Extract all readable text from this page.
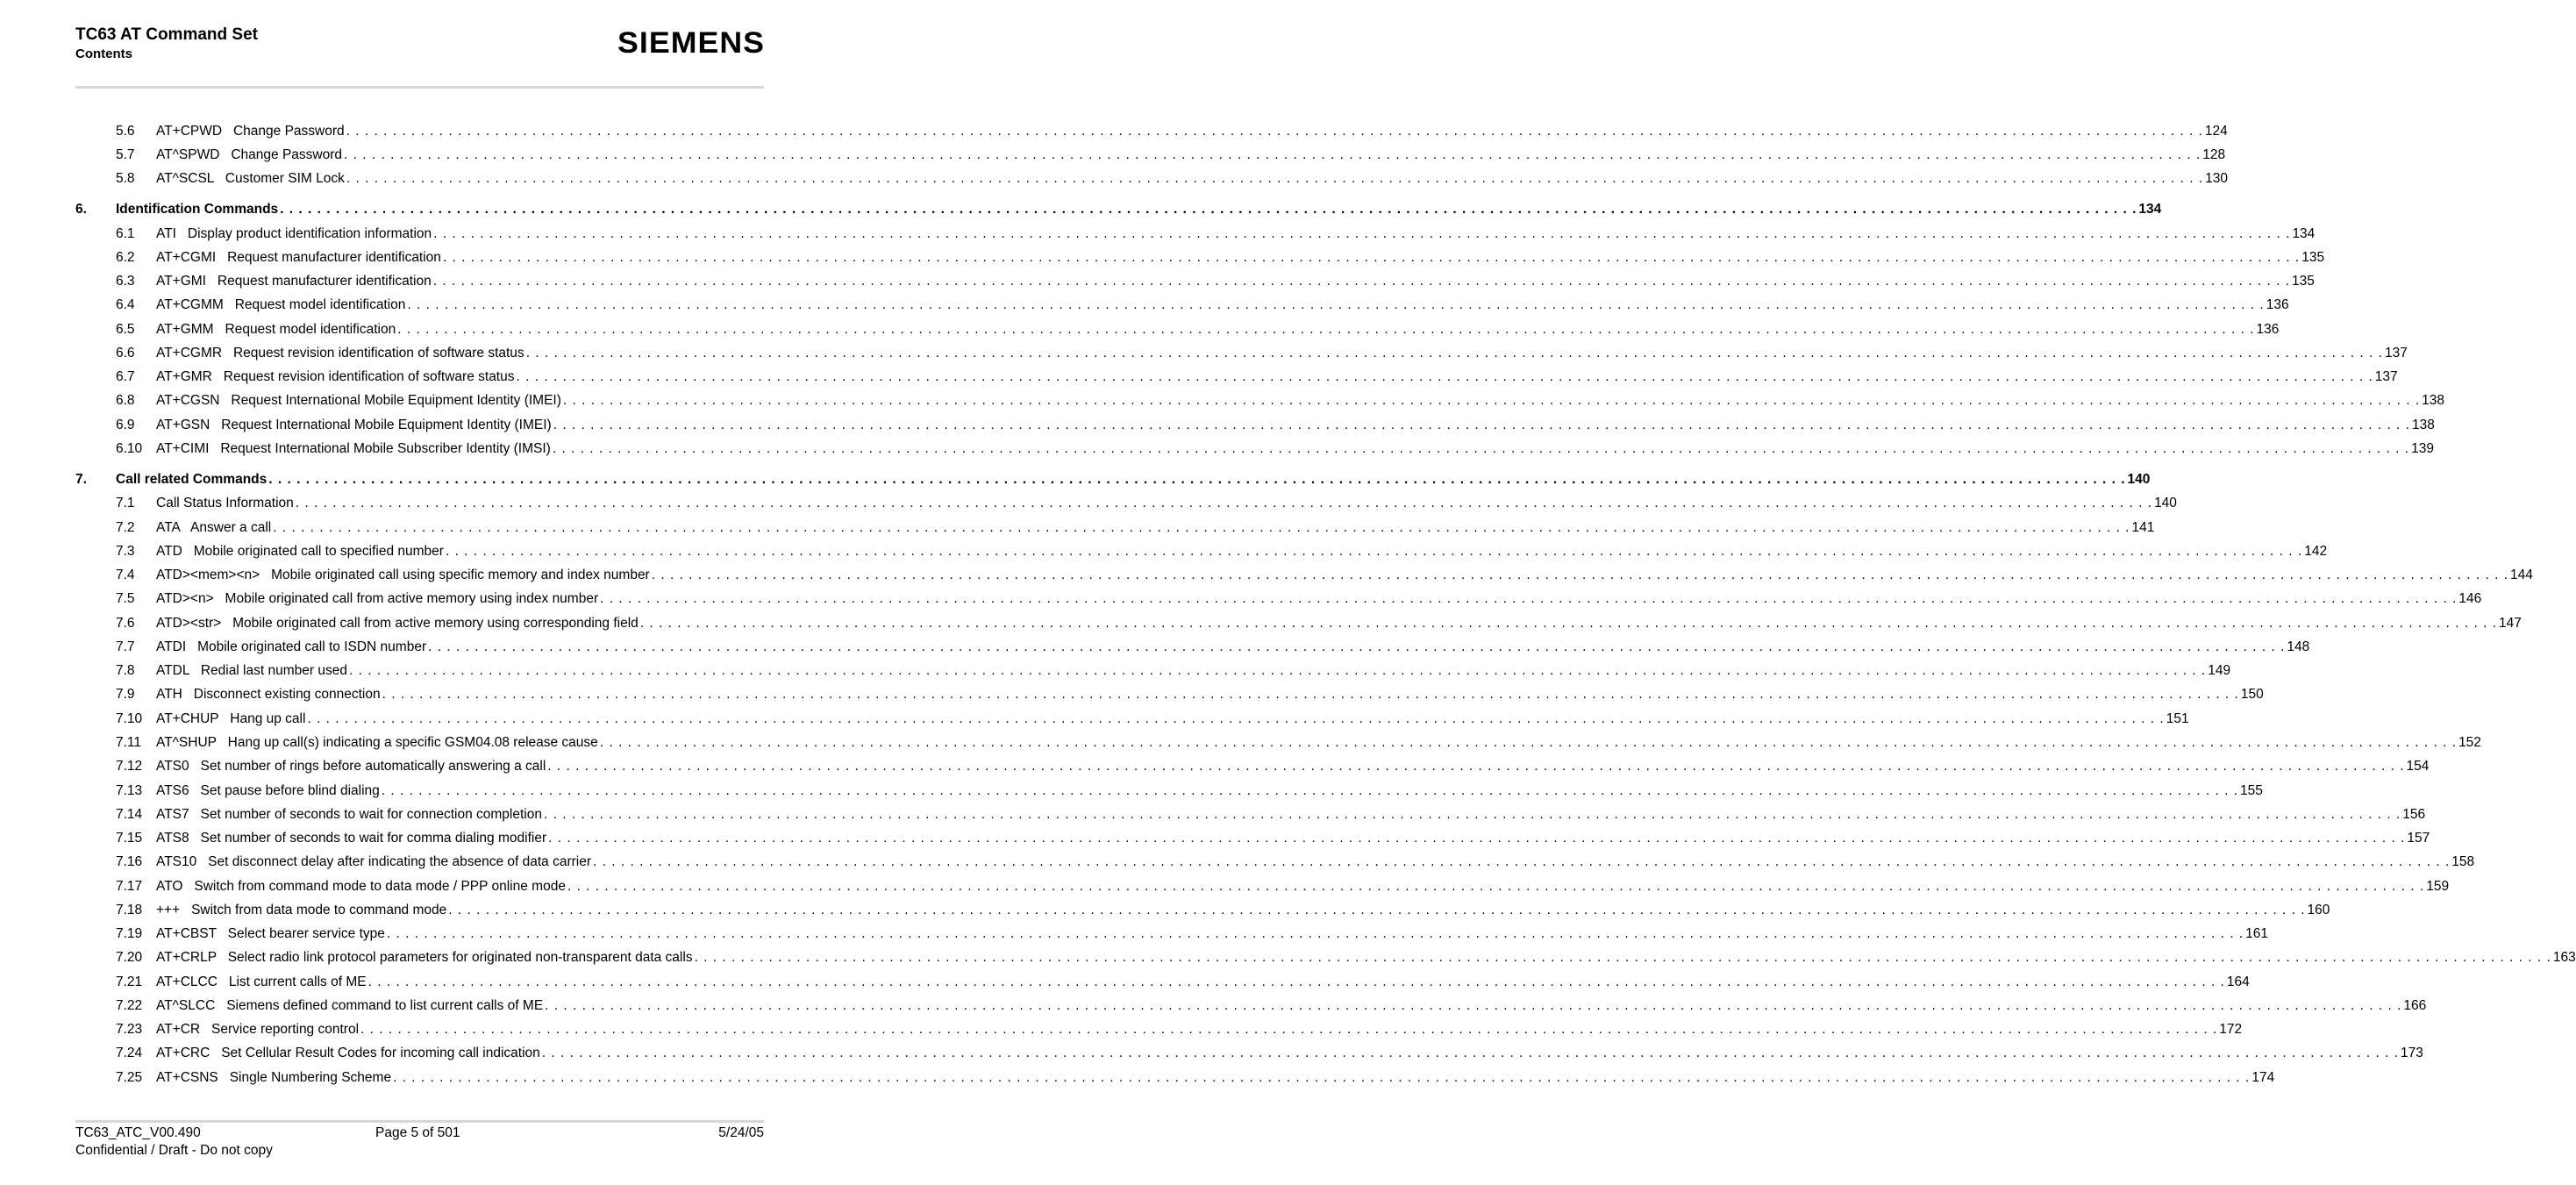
TC63 AT Command Set
Contents	SIEMENS
5.6 AT+CPWD   Change Password . . . . . . . . . . . . . . . . . . . . . . . . . . . . . . . . . . . . . . . . . . . . . . . . . . . . . . . . . . . . . . . . . . . . . . . . . . . . . . . . . . . . . . . . . . . . . . . . . . . . . . . . . . . . . . . . . . . . . . . . . . . . . . . . . . . . . . . . . . . . . . . . . . . . . . . . . . . . . . . . . . . . . . . . . . . . . . . . . . . . . . . . . . . . . . . . . . . . . . . . 124
5.7 AT^SPWD   Change Password . . . . . . . . . . . . . . . . . . . . . . . . . . . . . . . . . . . . . . . . . . . . . . . . . . . . . . . . . . . . . . . . . . . . . . . . . . . . . . . . . . . . . . . . . . . . . . . . . . . . . . . . . . . . . . . . . . . . . . . . . . . . . . . . . . . . . . . . . . . . . . . . . . . . . . . . . . . . . . . . . . . . . . . . . . . . . . . . . . . . . . . . . . . . . . . . . . . . . . . . 128
5.8 AT^SCSL   Customer SIM Lock . . . . . . . . . . . . . . . . . . . . . . . . . . . . . . . . . . . . . . . . . . . . . . . . . . . . . . . . . . . . . . . . . . . . . . . . . . . . . . . . . . . . . . . . . . . . . . . . . . . . . . . . . . . . . . . . . . . . . . . . . . . . . . . . . . . . . . . . . . . . . . . . . . . . . . . . . . . . . . . . . . . . . . . . . . . . . . . . . . . . . . . . . . . . . . . . . . . . . . . . 130
6. Identification Commands . . . . . . . . . . . . . . . . . . . . . . . . . . . . . . . . . . . . . . . . . . . . . . . . . . . . . . . . . . . . . . . . . . . . . . . . . . . . . . . . . . . . . . . . . . . . . . . . . . . . . . . . . . . . . . . . . . . . . . . . . . . . . . . . . . . . . . . . . . . . . . . . . . . . . . . . . . . . . . . . . . . . . . . . . . . . . . . . . . . . . . . . . . . . . . . . . . . . . . . . 134
6.1 ATI   Display product identification information . . . . . . . . . . . . . . . . . . . . . . . . . . . . . . . . . . . . . . . . . . . . . . . . . . . . . . . . . . . . . . . . . . . . . . . . . . . . . . . . . . . . . . . . . . . . . . . . . . . . . . . . . . . . . . . . . . . . . . . . . . . . . . . . . . . . . . . . . . . . . . . . . . . . . . . . . . . . . . . . . . . . . . . . . . . . . . . . . . . . . . . . . . . . . . . . . . . . . . . . 134
6.2 AT+CGMI   Request manufacturer identification . . . . . . . . . . . . . . . . . . . . . . . . . . . . . . . . . . . . . . . . . . . . . . . . . . . . . . . . . . . . . . . . . . . . . . . . . . . . . . . . . . . . . . . . . . . . . . . . . . . . . . . . . . . . . . . . . . . . . . . . . . . . . . . . . . . . . . . . . . . . . . . . . . . . . . . . . . . . . . . . . . . . . . . . . . . . . . . . . . . . . . . . . . . . . . . . . . . . . . . . 135
6.3 AT+GMI   Request manufacturer identification . . . . . . . . . . . . . . . . . . . . . . . . . . . . . . . . . . . . . . . . . . . . . . . . . . . . . . . . . . . . . . . . . . . . . . . . . . . . . . . . . . . . . . . . . . . . . . . . . . . . . . . . . . . . . . . . . . . . . . . . . . . . . . . . . . . . . . . . . . . . . . . . . . . . . . . . . . . . . . . . . . . . . . . . . . . . . . . . . . . . . . . . . . . . . . . . . . . . . . . . 135
6.4 AT+CGMM   Request model identification . . . . . . . . . . . . . . . . . . . . . . . . . . . . . . . . . . . . . . . . . . . . . . . . . . . . . . . . . . . . . . . . . . . . . . . . . . . . . . . . . . . . . . . . . . . . . . . . . . . . . . . . . . . . . . . . . . . . . . . . . . . . . . . . . . . . . . . . . . . . . . . . . . . . . . . . . . . . . . . . . . . . . . . . . . . . . . . . . . . . . . . . . . . . . . . . . . . . . . . . 136
6.5 AT+GMM   Request model identification . . . . . . . . . . . . . . . . . . . . . . . . . . . . . . . . . . . . . . . . . . . . . . . . . . . . . . . . . . . . . . . . . . . . . . . . . . . . . . . . . . . . . . . . . . . . . . . . . . . . . . . . . . . . . . . . . . . . . . . . . . . . . . . . . . . . . . . . . . . . . . . . . . . . . . . . . . . . . . . . . . . . . . . . . . . . . . . . . . . . . . . . . . . . . . . . . . . . . . . . 136
6.6 AT+CGMR   Request revision identification of software status . . . . . . . . . . . . . . . . . . . . . . . . . . . . . . . . . . . . . . . . . . . . . . . . . . . . . . . . . . . . . . . . . . . . . . . . . . . . . . . . . . . . . . . . . . . . . . . . . . . . . . . . . . . . . . . . . . . . . . . . . . . . . . . . . . . . . . . . . . . . . . . . . . . . . . . . . . . . . . . . . . . . . . . . . . . . . . . . . . . . . . . . . . . . . . . . . . . . . . . . 137
6.7 AT+GMR   Request revision identification of software status . . . . . . . . . . . . . . . . . . . . . . . . . . . . . . . . . . . . . . . . . . . . . . . . . . . . . . . . . . . . . . . . . . . . . . . . . . . . . . . . . . . . . . . . . . . . . . . . . . . . . . . . . . . . . . . . . . . . . . . . . . . . . . . . . . . . . . . . . . . . . . . . . . . . . . . . . . . . . . . . . . . . . . . . . . . . . . . . . . . . . . . . . . . . . . . . . . . . . . . . 137
6.8 AT+CGSN   Request International Mobile Equipment Identity (IMEI) . . . . . . . . . . . . . . . . . . . . . . . . . . . . . . . . . . . . . . . . . . . . . . . . . . . . . . . . . . . . . . . . . . . . . . . . . . . . . . . . . . . . . . . . . . . . . . . . . . . . . . . . . . . . . . . . . . . . . . . . . . . . . . . . . . . . . . . . . . . . . . . . . . . . . . . . . . . . . . . . . . . . . . . . . . . . . . . . . . . . . . . . . . . . . . . . . . . . . . . . 138
6.9 AT+GSN   Request International Mobile Equipment Identity (IMEI) . . . . . . . . . . . . . . . . . . . . . . . . . . . . . . . . . . . . . . . . . . . . . . . . . . . . . . . . . . . . . . . . . . . . . . . . . . . . . . . . . . . . . . . . . . . . . . . . . . . . . . . . . . . . . . . . . . . . . . . . . . . . . . . . . . . . . . . . . . . . . . . . . . . . . . . . . . . . . . . . . . . . . . . . . . . . . . . . . . . . . . . . . . . . . . . . . . . . . . . . 138
6.10 AT+CIMI   Request International Mobile Subscriber Identity (IMSI) . . . . . . . . . . . . . . . . . . . . . . . . . . . . . . . . . . . . . . . . . . . . . . . . . . . . . . . . . . . . . . . . . . . . . . . . . . . . . . . . . . . . . . . . . . . . . . . . . . . . . . . . . . . . . . . . . . . . . . . . . . . . . . . . . . . . . . . . . . . . . . . . . . . . . . . . . . . . . . . . . . . . . . . . . . . . . . . . . . . . . . . . . . . . . . . . . . . . . . . . 139
7. Call related Commands . . . . . . . . . . . . . . . . . . . . . . . . . . . . . . . . . . . . . . . . . . . . . . . . . . . . . . . . . . . . . . . . . . . . . . . . . . . . . . . . . . . . . . . . . . . . . . . . . . . . . . . . . . . . . . . . . . . . . . . . . . . . . . . . . . . . . . . . . . . . . . . . . . . . . . . . . . . . . . . . . . . . . . . . . . . . . . . . . . . . . . . . . . . . . . . . . . . . . . . . 140
7.1 Call Status Information . . . . . . . . . . . . . . . . . . . . . . . . . . . . . . . . . . . . . . . . . . . . . . . . . . . . . . . . . . . . . . . . . . . . . . . . . . . . . . . . . . . . . . . . . . . . . . . . . . . . . . . . . . . . . . . . . . . . . . . . . . . . . . . . . . . . . . . . . . . . . . . . . . . . . . . . . . . . . . . . . . . . . . . . . . . . . . . . . . . . . . . . . . . . . . . . . . . . . . . . 140
7.2 ATA   Answer a call . . . . . . . . . . . . . . . . . . . . . . . . . . . . . . . . . . . . . . . . . . . . . . . . . . . . . . . . . . . . . . . . . . . . . . . . . . . . . . . . . . . . . . . . . . . . . . . . . . . . . . . . . . . . . . . . . . . . . . . . . . . . . . . . . . . . . . . . . . . . . . . . . . . . . . . . . . . . . . . . . . . . . . . . . . . . . . . . . . . . . . . . . . . . . . . . . . . . . . . . 141
7.3 ATD   Mobile originated call to specified number . . . . . . . . . . . . . . . . . . . . . . . . . . . . . . . . . . . . . . . . . . . . . . . . . . . . . . . . . . . . . . . . . . . . . . . . . . . . . . . . . . . . . . . . . . . . . . . . . . . . . . . . . . . . . . . . . . . . . . . . . . . . . . . . . . . . . . . . . . . . . . . . . . . . . . . . . . . . . . . . . . . . . . . . . . . . . . . . . . . . . . . . . . . . . . . . . . . . . . . . 142
7.4 ATD><mem><n>   Mobile originated call using specific memory and index number . . . . . . . . . . . . . . . . . . . . . . . . . . . . . . . . . . . . . . . . . . . . . . . . . . . . . . . . . . . . . . . . . . . . . . . . . . . . . . . . . . . . . . . . . . . . . . . . . . . . . . . . . . . . . . . . . . . . . . . . . . . . . . . . . . . . . . . . . . . . . . . . . . . . . . . . . . . . . . . . . . . . . . . . . . . . . . . . . . . . . . . . . . . . . . . . . . . . . . . . 144
7.5 ATD><n>   Mobile originated call from active memory using index number . . . . . . . . . . . . . . . . . . . . . . . . . . . . . . . . . . . . . . . . . . . . . . . . . . . . . . . . . . . . . . . . . . . . . . . . . . . . . . . . . . . . . . . . . . . . . . . . . . . . . . . . . . . . . . . . . . . . . . . . . . . . . . . . . . . . . . . . . . . . . . . . . . . . . . . . . . . . . . . . . . . . . . . . . . . . . . . . . . . . . . . . . . . . . . . . . . . . . . . . 146
7.6 ATD><str>   Mobile originated call from active memory using corresponding field . . . . . . . . . . . . . . . . . . . . . . . . . . . . . . . . . . . . . . . . . . . . . . . . . . . . . . . . . . . . . . . . . . . . . . . . . . . . . . . . . . . . . . . . . . . . . . . . . . . . . . . . . . . . . . . . . . . . . . . . . . . . . . . . . . . . . . . . . . . . . . . . . . . . . . . . . . . . . . . . . . . . . . . . . . . . . . . . . . . . . . . . . . . . . . . . . . . . . . . . 147
7.7 ATDI   Mobile originated call to ISDN number . . . . . . . . . . . . . . . . . . . . . . . . . . . . . . . . . . . . . . . . . . . . . . . . . . . . . . . . . . . . . . . . . . . . . . . . . . . . . . . . . . . . . . . . . . . . . . . . . . . . . . . . . . . . . . . . . . . . . . . . . . . . . . . . . . . . . . . . . . . . . . . . . . . . . . . . . . . . . . . . . . . . . . . . . . . . . . . . . . . . . . . . . . . . . . . . . . . . . . . . 148
7.8 ATDL   Redial last number used . . . . . . . . . . . . . . . . . . . . . . . . . . . . . . . . . . . . . . . . . . . . . . . . . . . . . . . . . . . . . . . . . . . . . . . . . . . . . . . . . . . . . . . . . . . . . . . . . . . . . . . . . . . . . . . . . . . . . . . . . . . . . . . . . . . . . . . . . . . . . . . . . . . . . . . . . . . . . . . . . . . . . . . . . . . . . . . . . . . . . . . . . . . . . . . . . . . . . . . . 149
7.9 ATH   Disconnect existing connection . . . . . . . . . . . . . . . . . . . . . . . . . . . . . . . . . . . . . . . . . . . . . . . . . . . . . . . . . . . . . . . . . . . . . . . . . . . . . . . . . . . . . . . . . . . . . . . . . . . . . . . . . . . . . . . . . . . . . . . . . . . . . . . . . . . . . . . . . . . . . . . . . . . . . . . . . . . . . . . . . . . . . . . . . . . . . . . . . . . . . . . . . . . . . . . . . . . . . . . . 150
7.10 AT+CHUP   Hang up call . . . . . . . . . . . . . . . . . . . . . . . . . . . . . . . . . . . . . . . . . . . . . . . . . . . . . . . . . . . . . . . . . . . . . . . . . . . . . . . . . . . . . . . . . . . . . . . . . . . . . . . . . . . . . . . . . . . . . . . . . . . . . . . . . . . . . . . . . . . . . . . . . . . . . . . . . . . . . . . . . . . . . . . . . . . . . . . . . . . . . . . . . . . . . . . . . . . . . . . . 151
7.11 AT^SHUP   Hang up call(s) indicating a specific GSM04.08 release cause . . . . . . . . . . . . . . . . . . . . . . . . . . . . . . . . . . . . . . . . . . . . . . . . . . . . . . . . . . . . . . . . . . . . . . . . . . . . . . . . . . . . . . . . . . . . . . . . . . . . . . . . . . . . . . . . . . . . . . . . . . . . . . . . . . . . . . . . . . . . . . . . . . . . . . . . . . . . . . . . . . . . . . . . . . . . . . . . . . . . . . . . . . . . . . . . . . . . . . . . 152
7.12 ATS0   Set number of rings before automatically answering a call . . . . . . . . . . . . . . . . . . . . . . . . . . . . . . . . . . . . . . . . . . . . . . . . . . . . . . . . . . . . . . . . . . . . . . . . . . . . . . . . . . . . . . . . . . . . . . . . . . . . . . . . . . . . . . . . . . . . . . . . . . . . . . . . . . . . . . . . . . . . . . . . . . . . . . . . . . . . . . . . . . . . . . . . . . . . . . . . . . . . . . . . . . . . . . . . . . . . . . . . 154
7.13 ATS6   Set pause before blind dialing . . . . . . . . . . . . . . . . . . . . . . . . . . . . . . . . . . . . . . . . . . . . . . . . . . . . . . . . . . . . . . . . . . . . . . . . . . . . . . . . . . . . . . . . . . . . . . . . . . . . . . . . . . . . . . . . . . . . . . . . . . . . . . . . . . . . . . . . . . . . . . . . . . . . . . . . . . . . . . . . . . . . . . . . . . . . . . . . . . . . . . . . . . . . . . . . . . . . . . . . 155
7.14 ATS7   Set number of seconds to wait for connection completion . . . . . . . . . . . . . . . . . . . . . . . . . . . . . . . . . . . . . . . . . . . . . . . . . . . . . . . . . . . . . . . . . . . . . . . . . . . . . . . . . . . . . . . . . . . . . . . . . . . . . . . . . . . . . . . . . . . . . . . . . . . . . . . . . . . . . . . . . . . . . . . . . . . . . . . . . . . . . . . . . . . . . . . . . . . . . . . . . . . . . . . . . . . . . . . . . . . . . . . . 156
7.15 ATS8   Set number of seconds to wait for comma dialing modifier . . . . . . . . . . . . . . . . . . . . . . . . . . . . . . . . . . . . . . . . . . . . . . . . . . . . . . . . . . . . . . . . . . . . . . . . . . . . . . . . . . . . . . . . . . . . . . . . . . . . . . . . . . . . . . . . . . . . . . . . . . . . . . . . . . . . . . . . . . . . . . . . . . . . . . . . . . . . . . . . . . . . . . . . . . . . . . . . . . . . . . . . . . . . . . . . . . . . . . . . 157
7.16 ATS10   Set disconnect delay after indicating the absence of data carrier . . . . . . . . . . . . . . . . . . . . . . . . . . . . . . . . . . . . . . . . . . . . . . . . . . . . . . . . . . . . . . . . . . . . . . . . . . . . . . . . . . . . . . . . . . . . . . . . . . . . . . . . . . . . . . . . . . . . . . . . . . . . . . . . . . . . . . . . . . . . . . . . . . . . . . . . . . . . . . . . . . . . . . . . . . . . . . . . . . . . . . . . . . . . . . . . . . . . . . . . 158
7.17 ATO   Switch from command mode to data mode / PPP online mode . . . . . . . . . . . . . . . . . . . . . . . . . . . . . . . . . . . . . . . . . . . . . . . . . . . . . . . . . . . . . . . . . . . . . . . . . . . . . . . . . . . . . . . . . . . . . . . . . . . . . . . . . . . . . . . . . . . . . . . . . . . . . . . . . . . . . . . . . . . . . . . . . . . . . . . . . . . . . . . . . . . . . . . . . . . . . . . . . . . . . . . . . . . . . . . . . . . . . . . . 159
7.18 +++   Switch from data mode to command mode . . . . . . . . . . . . . . . . . . . . . . . . . . . . . . . . . . . . . . . . . . . . . . . . . . . . . . . . . . . . . . . . . . . . . . . . . . . . . . . . . . . . . . . . . . . . . . . . . . . . . . . . . . . . . . . . . . . . . . . . . . . . . . . . . . . . . . . . . . . . . . . . . . . . . . . . . . . . . . . . . . . . . . . . . . . . . . . . . . . . . . . . . . . . . . . . . . . . . . . . 160
7.19 AT+CBST   Select bearer service type . . . . . . . . . . . . . . . . . . . . . . . . . . . . . . . . . . . . . . . . . . . . . . . . . . . . . . . . . . . . . . . . . . . . . . . . . . . . . . . . . . . . . . . . . . . . . . . . . . . . . . . . . . . . . . . . . . . . . . . . . . . . . . . . . . . . . . . . . . . . . . . . . . . . . . . . . . . . . . . . . . . . . . . . . . . . . . . . . . . . . . . . . . . . . . . . . . . . . . . . 161
7.20 AT+CRLP   Select radio link protocol parameters for originated non-transparent data calls . . . . . . . . . . . . . . . . . . . . . . . . . . . . . . . . . . . . . . . . . . . . . . . . . . . . . . . . . . . . . . . . . . . . . . . . . . . . . . . . . . . . . . . . . . . . . . . . . . . . . . . . . . . . . . . . . . . . . . . . . . . . . . . . . . . . . . . . . . . . . . . . . . . . . . . . . . . . . . . . . . . . . . . . . . . . . . . . . . . . . . . . . . . . . . . . . . . . . . . . 163
7.21 AT+CLCC   List current calls of ME . . . . . . . . . . . . . . . . . . . . . . . . . . . . . . . . . . . . . . . . . . . . . . . . . . . . . . . . . . . . . . . . . . . . . . . . . . . . . . . . . . . . . . . . . . . . . . . . . . . . . . . . . . . . . . . . . . . . . . . . . . . . . . . . . . . . . . . . . . . . . . . . . . . . . . . . . . . . . . . . . . . . . . . . . . . . . . . . . . . . . . . . . . . . . . . . . . . . . . . . 164
7.22 AT^SLCC   Siemens defined command to list current calls of ME . . . . . . . . . . . . . . . . . . . . . . . . . . . . . . . . . . . . . . . . . . . . . . . . . . . . . . . . . . . . . . . . . . . . . . . . . . . . . . . . . . . . . . . . . . . . . . . . . . . . . . . . . . . . . . . . . . . . . . . . . . . . . . . . . . . . . . . . . . . . . . . . . . . . . . . . . . . . . . . . . . . . . . . . . . . . . . . . . . . . . . . . . . . . . . . . . . . . . . . . 166
7.23 AT+CR   Service reporting control . . . . . . . . . . . . . . . . . . . . . . . . . . . . . . . . . . . . . . . . . . . . . . . . . . . . . . . . . . . . . . . . . . . . . . . . . . . . . . . . . . . . . . . . . . . . . . . . . . . . . . . . . . . . . . . . . . . . . . . . . . . . . . . . . . . . . . . . . . . . . . . . . . . . . . . . . . . . . . . . . . . . . . . . . . . . . . . . . . . . . . . . . . . . . . . . . . . . . . . . 172
7.24 AT+CRC   Set Cellular Result Codes for incoming call indication . . . . . . . . . . . . . . . . . . . . . . . . . . . . . . . . . . . . . . . . . . . . . . . . . . . . . . . . . . . . . . . . . . . . . . . . . . . . . . . . . . . . . . . . . . . . . . . . . . . . . . . . . . . . . . . . . . . . . . . . . . . . . . . . . . . . . . . . . . . . . . . . . . . . . . . . . . . . . . . . . . . . . . . . . . . . . . . . . . . . . . . . . . . . . . . . . . . . . . . . 173
7.25 AT+CSNS   Single Numbering Scheme . . . . . . . . . . . . . . . . . . . . . . . . . . . . . . . . . . . . . . . . . . . . . . . . . . . . . . . . . . . . . . . . . . . . . . . . . . . . . . . . . . . . . . . . . . . . . . . . . . . . . . . . . . . . . . . . . . . . . . . . . . . . . . . . . . . . . . . . . . . . . . . . . . . . . . . . . . . . . . . . . . . . . . . . . . . . . . . . . . . . . . . . . . . . . . . . . . . . . . . . 174
TC63_ATC_V00.490
Confidential / Draft - Do not copy
Page 5 of 501	5/24/05
